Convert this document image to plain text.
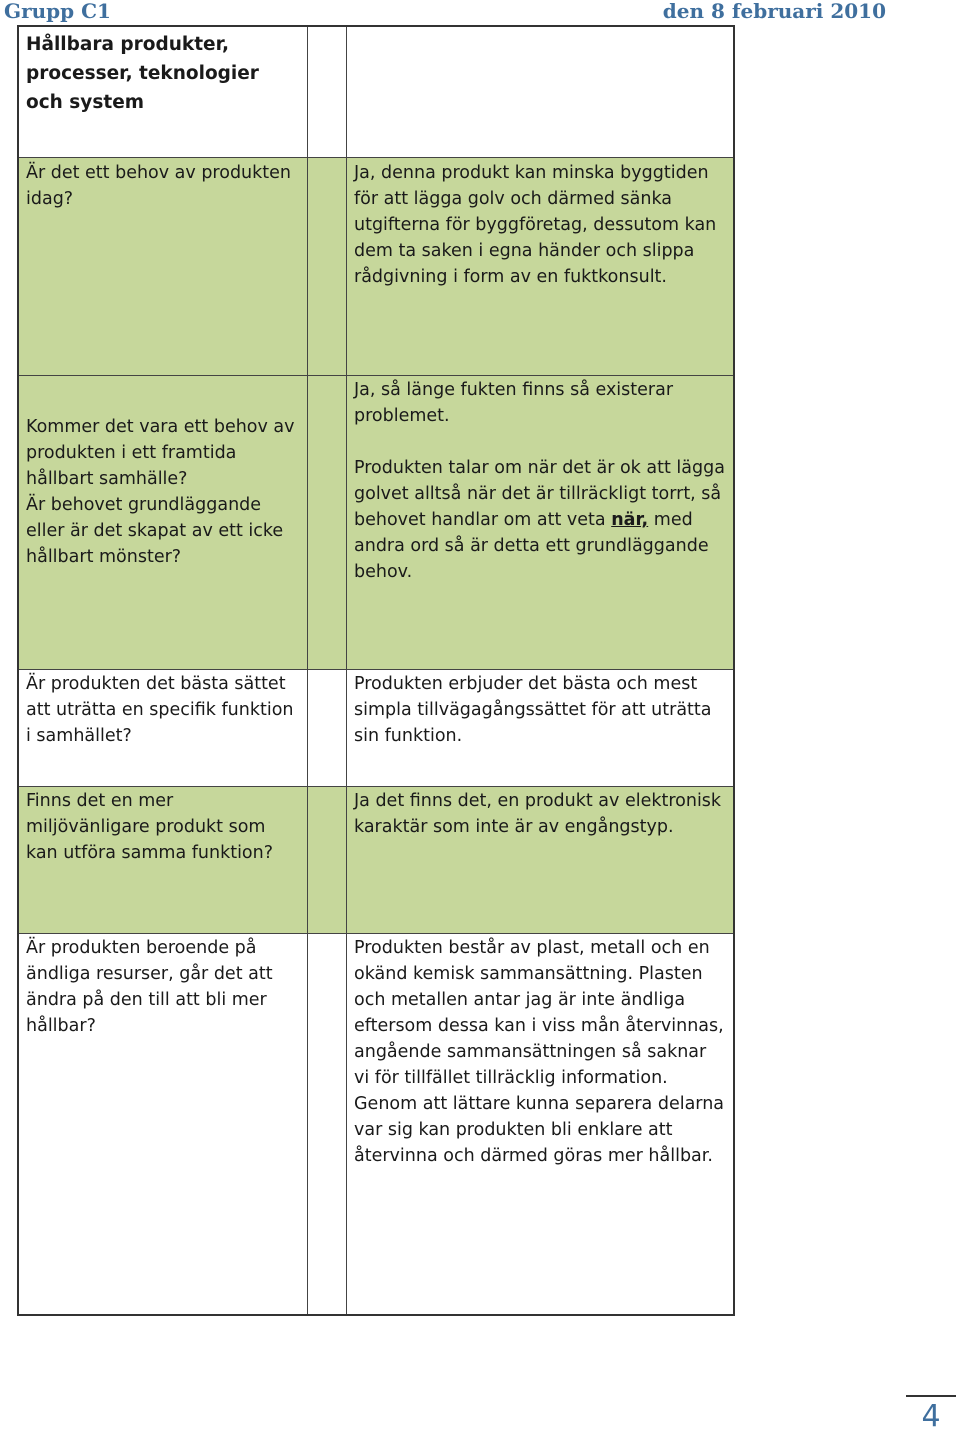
Grupp C1	den 8 februari 2010
Hållbara produkter, processer, teknologier och system
Är det ett behov av produkten idag?
Ja, denna produkt kan minska byggtiden för att lägga golv och därmed sänka utgifterna för byggföretag, dessutom kan dem ta saken i egna händer och slippa rådgivning i form av en fuktkonsult.
Kommer det vara ett behov av produkten i ett framtida hållbart samhälle?
Är behovet grundläggande eller är det skapat av ett icke hållbart mönster?
Ja, så länge fukten finns så existerar problemet.
Produkten talar om när det är ok att lägga golvet alltså när det är tillräckligt torrt, så behovet handlar om att veta när, med andra ord så är detta ett grundläggande behov.
Är produkten det bästa sättet att uträtta en specifik funktion i samhället?
Produkten erbjuder det bästa och mest simpla tillvägagångssättet för att uträtta sin funktion.
Finns det en mer miljövänligare produkt som kan utföra samma funktion?
Ja det finns det, en produkt av elektronisk karaktär som inte är av engångstyp.
Är produkten beroende på ändliga resurser, går det att ändra på den till att bli mer hållbar?
Produkten består av plast, metall och en okänd kemisk sammansättning. Plasten och metallen antar jag är inte ändliga eftersom dessa kan i viss mån återvinnas, angående sammansättningen så saknar vi för tillfället tillräcklig information. Genom att lättare kunna separera delarna var sig kan produkten bli enklare att återvinna och därmed göras mer hållbar.
4
